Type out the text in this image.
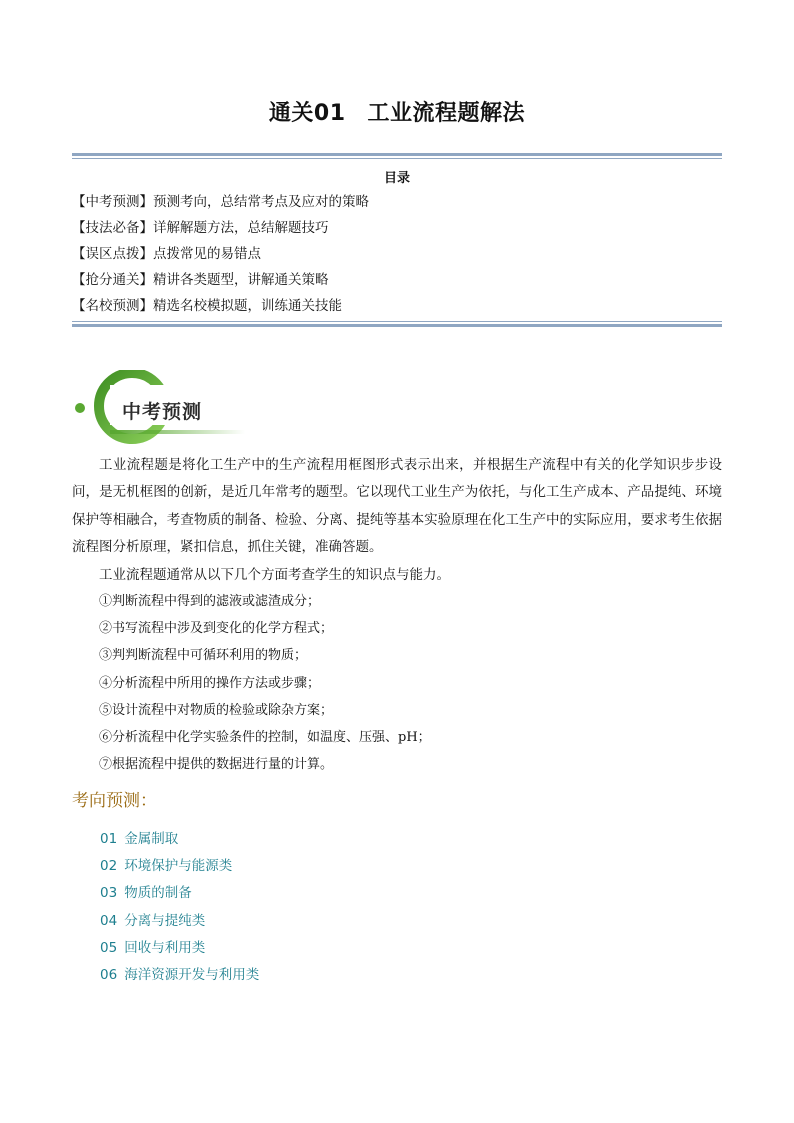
通关01 工业流程题解法
目录
【中考预测】预测考向，总结常考点及应对的策略
【技法必备】详解解题方法，总结解题技巧
【误区点拨】点拨常见的易错点
【抢分通关】精讲各类题型，讲解通关策略
【名校预测】精选名校模拟题，训练通关技能
中考预测

工业流程题是将化工生产中的生产流程用框图形式表示出来，并根据生产流程中有关的化学知识步步设问，是无机框图的创新，是近几年常考的题型。它以现代工业生产为依托，与化工生产成本、产品提纯、环境保护等相融合，考查物质的制备、检验、分离、提纯等基本实验原理在化工生产中的实际应用，要求考生依据流程图分析原理，紧扣信息，抓住关键，准确答题。

工业流程题通常从以下几个方面考查学生的知识点与能力。

①判断流程中得到的滤液或滤渣成分；
②书写流程中涉及到变化的化学方程式；
③判判断流程中可循环利用的物质；
④分析流程中所用的操作方法或步骤；
⑤设计流程中对物质的检验或除杂方案；
⑥分析流程中化学实验条件的控制，如温度、压强、pH；
⑦根据流程中提供的数据进行量的计算。
考向预测：
01 金属制取
02 环境保护与能源类
03 物质的制备
04 分离与提纯类
05 回收与利用类
06 海洋资源开发与利用类
